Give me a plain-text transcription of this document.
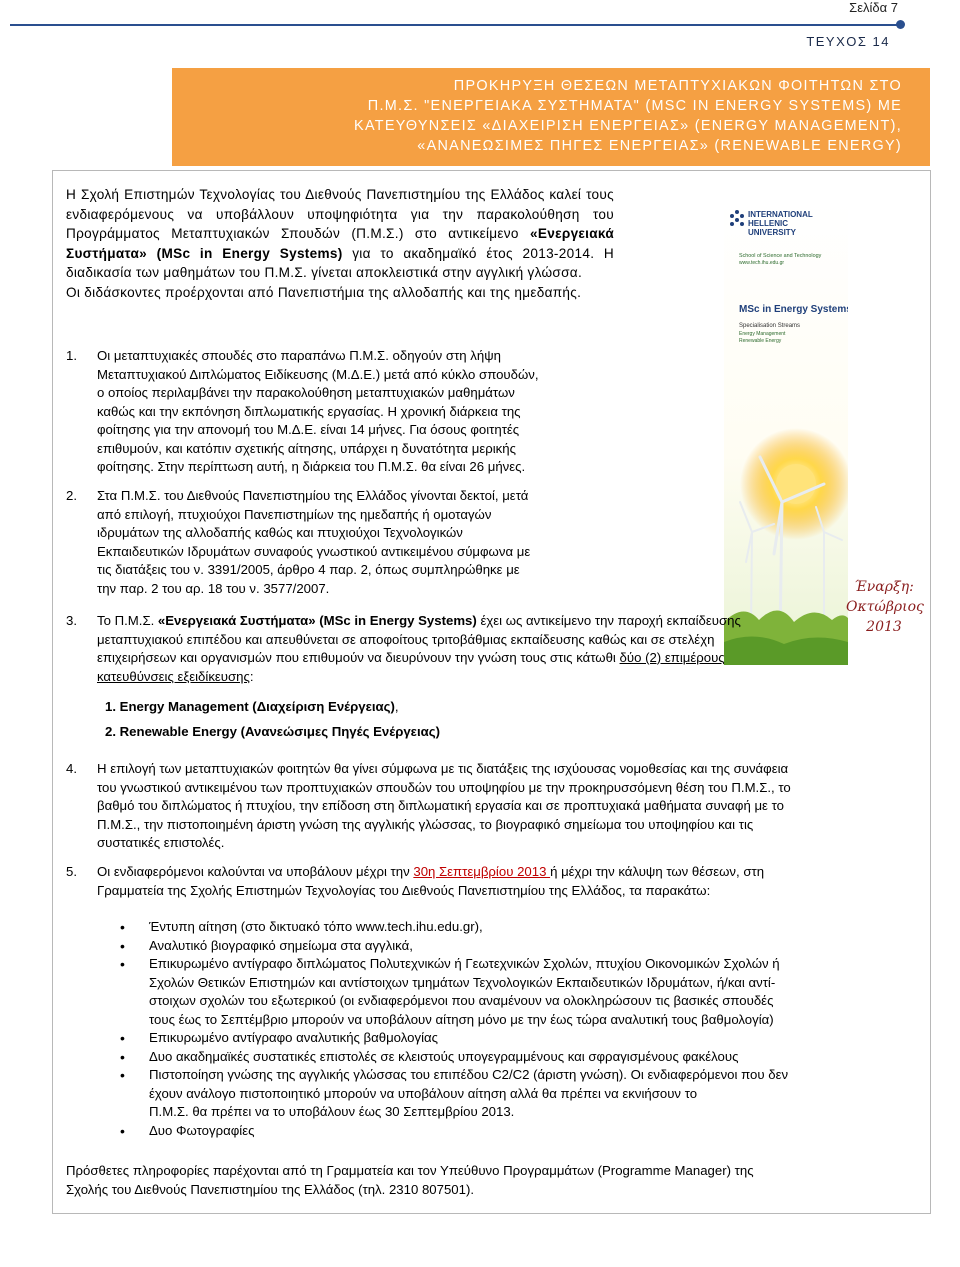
Σελίδα 7
ΤΕΥΧΟΣ 14
ΠΡΟΚΗΡΥΞΗ ΘΕΣΕΩΝ ΜΕΤΑΠΤΥΧΙΑΚΩΝ ΦΟΙΤΗΤΩΝ ΣΤΟ
Π.Μ.Σ. "ΕΝΕΡΓΕΙΑΚΑ ΣΥΣΤΗΜΑΤΑ" (MSC IN ENERGY SYSTEMS) ΜΕ
ΚΑΤΕΥΘΥΝΣΕΙΣ «ΔΙΑΧΕΙΡΙΣΗ ΕΝΕΡΓΕΙΑΣ» (ENERGY MANAGEMENT),
«ΑΝΑΝΕΩΣΙΜΕΣ ΠΗΓΕΣ ΕΝΕΡΓΕΙΑΣ» (RENEWABLE ENERGY)

Η Σχολή Επιστημών Τεχνολογίας του Διεθνούς Πανεπιστημίου της Ελλάδος καλεί τους ενδιαφερόμενους να υποβάλλουν υποψηφιότητα για την παρακολούθηση του Προγράμματος Μεταπτυχιακών Σπουδών (Π.Μ.Σ.) στο αντικείμενο «Ενεργειακά Συστήματα» (MSc in Energy Systems) για το ακαδημαϊκό έτος 2013-2014. Η διαδικασία των μαθημάτων του Π.Μ.Σ. γίνεται αποκλειστικά στην αγγλική γλώσσα.

Οι διδάσκοντες προέρχονται από Πανεπιστήμια της αλλοδαπής και της ημεδαπής.

INTERNATIONAL
HELLENIC
UNIVERSITY
School of Science and Technology
www.tech.ihu.edu.gr
MSc in Energy Systems
Specialisation Streams
Energy Management
Renewable Energy
1. Οι μεταπτυχιακές σπουδές στο παραπάνω Π.Μ.Σ. οδηγούν στη λήψη
Μεταπτυχιακού Διπλώματος Ειδίκευσης (Μ.Δ.Ε.) μετά από κύκλο σπουδών,
ο οποίος περιλαμβάνει την παρακολούθηση μεταπτυχιακών μαθημάτων
καθώς και την εκπόνηση διπλωματικής εργασίας. Η χρονική διάρκεια της
φοίτησης για την απονομή του Μ.Δ.Ε. είναι 14 μήνες. Για όσους φοιτητές
επιθυμούν, και κατόπιν σχετικής αίτησης, υπάρχει η δυνατότητα μερικής
φοίτησης. Στην περίπτωση αυτή, η διάρκεια του Π.Μ.Σ. θα είναι 26 μήνες.
2. Στα Π.Μ.Σ. του Διεθνούς Πανεπιστημίου της Ελλάδος γίνονται δεκτοί, μετά
από επιλογή, πτυχιούχοι Πανεπιστημίων της ημεδαπής ή ομοταγών
ιδρυμάτων της αλλοδαπής καθώς και πτυχιούχοι Τεχνολογικών
Εκπαιδευτικών Ιδρυμάτων συναφούς γνωστικού αντικειμένου σύμφωνα με
τις διατάξεις του ν. 3391/2005, άρθρο 4 παρ. 2, όπως συμπληρώθηκε με
την παρ. 2 του αρ. 18 του ν. 3577/2007.	Έναρξη:
Οκτώβριος
2013
3. Το Π.Μ.Σ. «Ενεργειακά Συστήματα» (MSc in Energy Systems) έχει ως αντικείμενο την παροχή εκπαίδευσης
μεταπτυχιακού επιπέδου και απευθύνεται σε αποφοίτους τριτοβάθμιας εκπαίδευσης καθώς και σε στελέχη
επιχειρήσεων και οργανισμών που επιθυμούν να διευρύνουν την γνώση τους στις κάτωθι δύο (2) επιμέρους
κατευθύνσεις εξειδίκευσης:
1. Energy Management (Διαχείριση Ενέργειας),
2. Renewable Energy (Ανανεώσιμες Πηγές Ενέργειας)
4. Η επιλογή των μεταπτυχιακών φοιτητών θα γίνει σύμφωνα με τις διατάξεις της ισχύουσας νομοθεσίας και της συνάφεια
του γνωστικού αντικειμένου των προπτυχιακών σπουδών του υποψηφίου με την προκηρυσσόμενη θέση του Π.Μ.Σ., το
βαθμό του διπλώματος ή πτυχίου, την επίδοση στη διπλωματική εργασία και σε προπτυχιακά μαθήματα συναφή με το
Π.Μ.Σ., την πιστοποιημένη άριστη γνώση της αγγλικής γλώσσας, το βιογραφικό σημείωμα του υποψηφίου και τις
συστατικές επιστολές.
5. Οι ενδιαφερόμενοι καλούνται να υποβάλουν μέχρι την 30η Σεπτεμβρίου 2013 ή μέχρι την κάλυψη των θέσεων, στη
Γραμματεία της Σχολής Επιστημών Τεχνολογίας του Διεθνούς Πανεπιστημίου της Ελλάδος, τα παρακάτω:
• Έντυπη αίτηση (στο δικτυακό τόπο www.tech.ihu.edu.gr),
• Αναλυτικό βιογραφικό σημείωμα στα αγγλικά,
• Επικυρωμένο αντίγραφο διπλώματος Πολυτεχνικών ή Γεωτεχνικών Σχολών, πτυχίου Οικονομικών Σχολών ή
Σχολών Θετικών Επιστημών και αντίστοιχων τμημάτων Τεχνολογικών Εκπαιδευτικών Ιδρυμάτων, ή/και αντί-
στοιχων σχολών του εξωτερικού (οι ενδιαφερόμενοι που αναμένουν να ολοκληρώσουν τις βασικές σπουδές
τους έως το Σεπτέμβριο μπορούν να υποβάλουν αίτηση μόνο με την έως τώρα αναλυτική τους βαθμολογία)
• Επικυρωμένο αντίγραφο αναλυτικής βαθμολογίας
• Δυο ακαδημαϊκές συστατικές επιστολές σε κλειστούς υπογεγραμμένους και σφραγισμένους φακέλους
• Πιστοποίηση γνώσης της αγγλικής γλώσσας του επιπέδου C2/C2 (άριστη γνώση). Οι ενδιαφερόμενοι που δεν
έχουν ανάλογο πιστοποιητικό μπορούν να υποβάλουν αίτηση αλλά θα πρέπει να εκνιήσουν το
Π.Μ.Σ. θα πρέπει να το υποβάλουν έως 30 Σεπτεμβρίου 2013.
• Δυο Φωτογραφίες
Πρόσθετες πληροφορίες παρέχονται από τη Γραμματεία και τον Υπεύθυνο Προγραμμάτων (Programme Manager) της
Σχολής του Διεθνούς Πανεπιστημίου της Ελλάδος (τηλ. 2310 807501).
